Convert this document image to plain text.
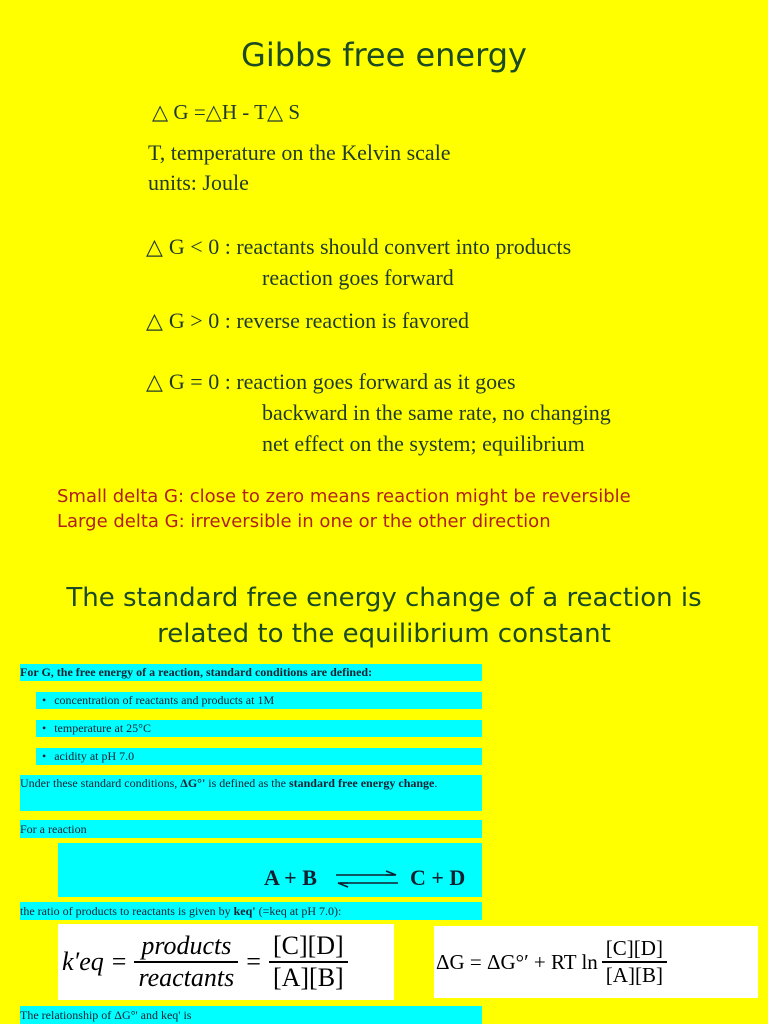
Gibbs free energy
△ G =△H - T△ S
T, temperature on the Kelvin scale
units: Joule
△ G < 0 : reactants should convert into products
reaction goes forward
△ G > 0 : reverse reaction is favored
△ G = 0 : reaction goes forward as it goes
backward in the same rate, no changing
net effect on the system; equilibrium
Small delta G: close to zero means reaction might be reversible
Large delta G: irreversible in one or the other direction
The standard free energy change of a reaction is
related to the equilibrium constant
For G, the free energy of a reaction, standard conditions are defined:
• concentration of reactants and products at 1M
• temperature at 25°C
• acidity at pH 7.0
Under these standard conditions, ΔG°' is defined as the standard free energy change.
For a reaction
A + B	C + D
the ratio of products to reactants is given by keq' (=keq at pH 7.0):
$k'eq = \frac{\text{products}}{\text{reactants}} = \frac{[C][D]}{[A][B]}$	ΔG = ΔG°′ + RT $\ln \frac{[C][D]}{[A][B]}$
The relationship of ΔG°' and keq' is
